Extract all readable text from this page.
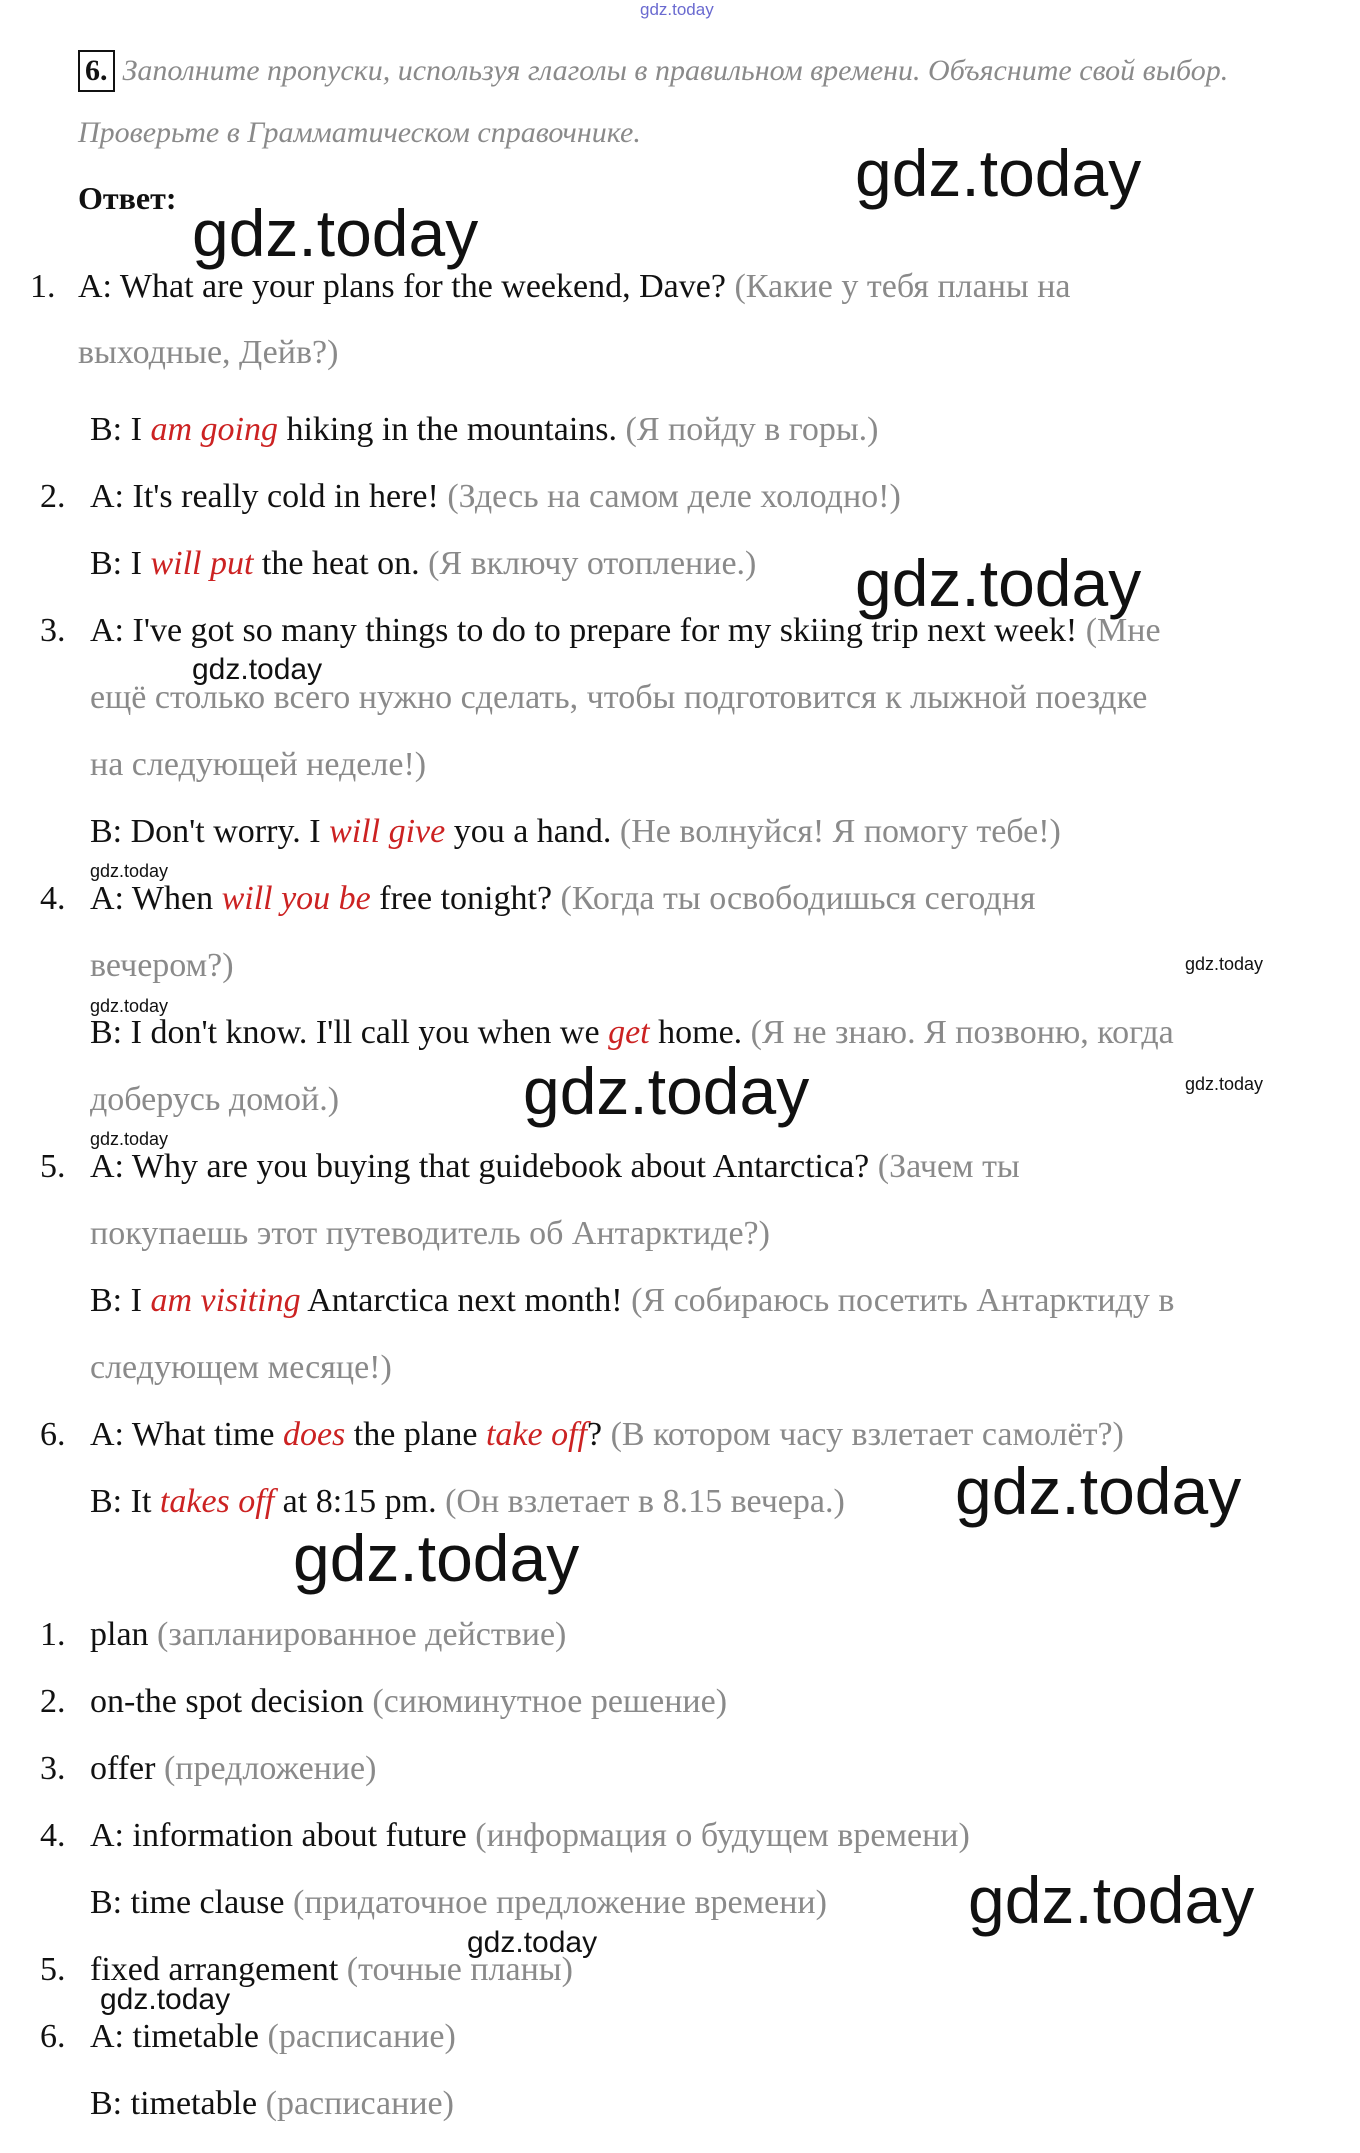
gdz.today
6. Заполните пропуски, используя глаголы в правильном времени. Объясните свой выбор. Проверьте в Грамматическом справочнике.
Ответ:
1. A: What are your plans for the weekend, Dave? (Какие у тебя планы на
выходные, Дейв?)
B: I am going hiking in the mountains. (Я пойду в горы.)
2. A: It's really cold in here! (Здесь на самом деле холодно!)
B: I will put the heat on. (Я включу отопление.)
3. A: I've got so many things to do to prepare for my skiing trip next week! (Мне
ещё столько всего нужно сделать, чтобы подготовится к лыжной поездке
на следующей неделе!)
B: Don't worry. I will give you a hand. (Не волнуйся! Я помогу тебе!)
4. A: When will you be free tonight? (Когда ты освободишься сегодня
вечером?)
B: I don't know. I'll call you when we get home. (Я не знаю. Я позвоню, когда
доберусь домой.)
5. A: Why are you buying that guidebook about Antarctica? (Зачем ты
покупаешь этот путеводитель об Антарктиде?)
B: I am visiting Antarctica next month! (Я собираюсь посетить Антарктиду в
следующем месяце!)
6. A: What time does the plane take off? (В котором часу взлетает самолёт?)
B: It takes off at 8:15 pm. (Он взлетает в 8.15 вечера.)
1. plan (запланированное действие)
2. on-the spot decision (сиюминутное решение)
3. offer (предложение)
4. A: information about future (информация о будущем времени)
B: time clause (придаточное предложение времени)
5. fixed arrangement (точные планы)
6. A: timetable (расписание)
B: timetable (расписание)
gdz.today
gdz.today
gdz.today
gdz.today
gdz.today
gdz.today
gdz.today
gdz.today	gdz.today
gdz.today
gdz.today
gdz.today
gdz.today
gdz.today
gdz.today
